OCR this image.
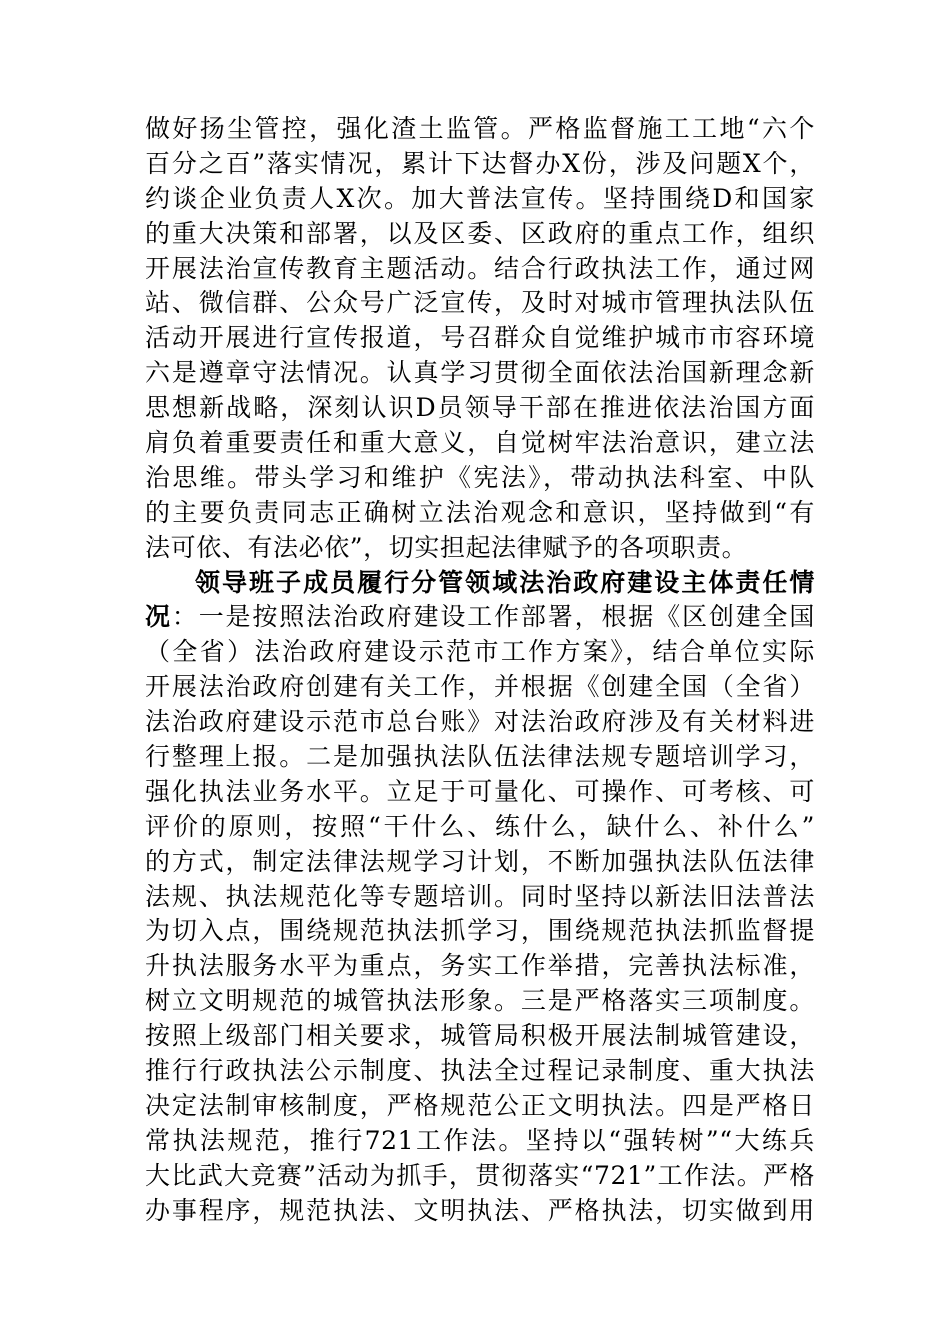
做好扬尘管控，强化渣土监管。严格监督施工工地“六个
百分之百”落实情况，累计下达督办X份，涉及问题X个，
约谈企业负责人X次。加大普法宣传。坚持围绕D和国家
的重大决策和部署，以及区委、区政府的重点工作，组织
开展法治宣传教育主题活动。结合行政执法工作，通过网
站、微信群、公众号广泛宣传，及时对城市管理执法队伍
活动开展进行宣传报道，号召群众自觉维护城市市容环境
六是遵章守法情况。认真学习贯彻全面依法治国新理念新
思想新战略，深刻认识D员领导干部在推进依法治国方面
肩负着重要责任和重大意义，自觉树牢法治意识，建立法
治思维。带头学习和维护《宪法》，带动执法科室、中队
的主要负责同志正确树立法治观念和意识，坚持做到“有
法可依、有法必依”，切实担起法律赋予的各项职责。
领导班子成员履行分管领域法治政府建设主体责任情
况：一是按照法治政府建设工作部署，根据《区创建全国
（全省）法治政府建设示范市工作方案》，结合单位实际
开展法治政府创建有关工作，并根据《创建全国（全省）
法治政府建设示范市总台账》对法治政府涉及有关材料进
行整理上报。二是加强执法队伍法律法规专题培训学习，
强化执法业务水平。立足于可量化、可操作、可考核、可
评价的原则，按照“干什么、练什么，缺什么、补什么”
的方式，制定法律法规学习计划，不断加强执法队伍法律
法规、执法规范化等专题培训。同时坚持以新法旧法普法
为切入点，围绕规范执法抓学习，围绕规范执法抓监督提
升执法服务水平为重点，务实工作举措，完善执法标准，
树立文明规范的城管执法形象。三是严格落实三项制度。
按照上级部门相关要求，城管局积极开展法制城管建设，
推行行政执法公示制度、执法全过程记录制度、重大执法
决定法制审核制度，严格规范公正文明执法。四是严格日
常执法规范，推行721工作法。坚持以“强转树”“大练兵
大比武大竞赛”活动为抓手，贯彻落实“721”工作法。严格
办事程序，规范执法、文明执法、严格执法，切实做到用
